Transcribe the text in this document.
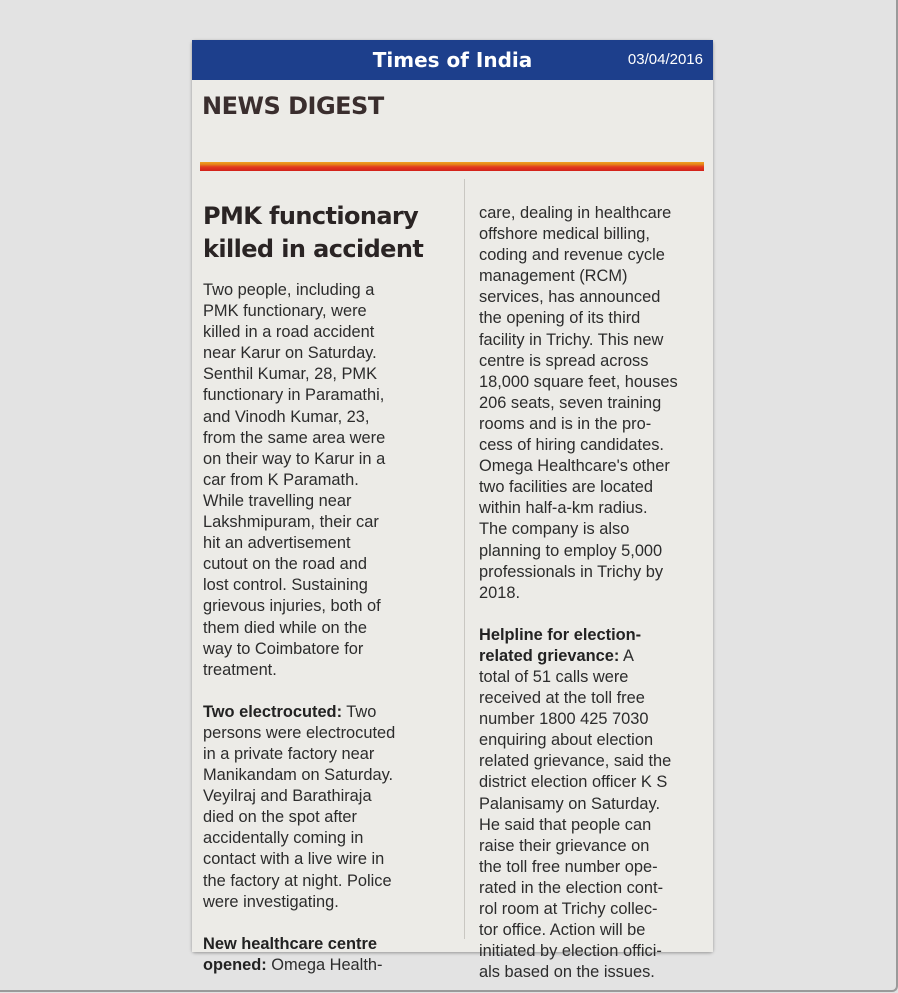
Times of India	03/04/2016
NEWS DIGEST
PMK functionary
killed in accident
Two people, including a
PMK functionary, were
killed in a road accident
near Karur on Saturday.
Senthil Kumar, 28, PMK
functionary in Paramathi,
and Vinodh Kumar, 23,
from the same area were
on their way to Karur in a
car from K Paramath.
While travelling near
Lakshmipuram, their car
hit an advertisement
cutout on the road and
lost control. Sustaining
grievous injuries, both of
them died while on the
way to Coimbatore for
treatment.
Two electrocuted: Two
persons were electrocuted
in a private factory near
Manikandam on Saturday.
Veyilraj and Barathiraja
died on the spot after
accidentally coming in
contact with a live wire in
the factory at night. Police
were investigating.
New healthcare centre
opened: Omega Health-
care, dealing in healthcare
offshore medical billing,
coding and revenue cycle
management (RCM)
services, has announced
the opening of its third
facility in Trichy. This new
centre is spread across
18,000 square feet, houses
206 seats, seven training
rooms and is in the pro-
cess of hiring candidates.
Omega Healthcare's other
two facilities are located
within half-a-km radius.
The company is also
planning to employ 5,000
professionals in Trichy by
2018.
Helpline for election-
related grievance: A
total of 51 calls were
received at the toll free
number 1800 425 7030
enquiring about election
related grievance, said the
district election officer K S
Palanisamy on Saturday.
He said that people can
raise their grievance on
the toll free number ope-
rated in the election cont-
rol room at Trichy collec-
tor office. Action will be
initiated by election offici-
als based on the issues.
